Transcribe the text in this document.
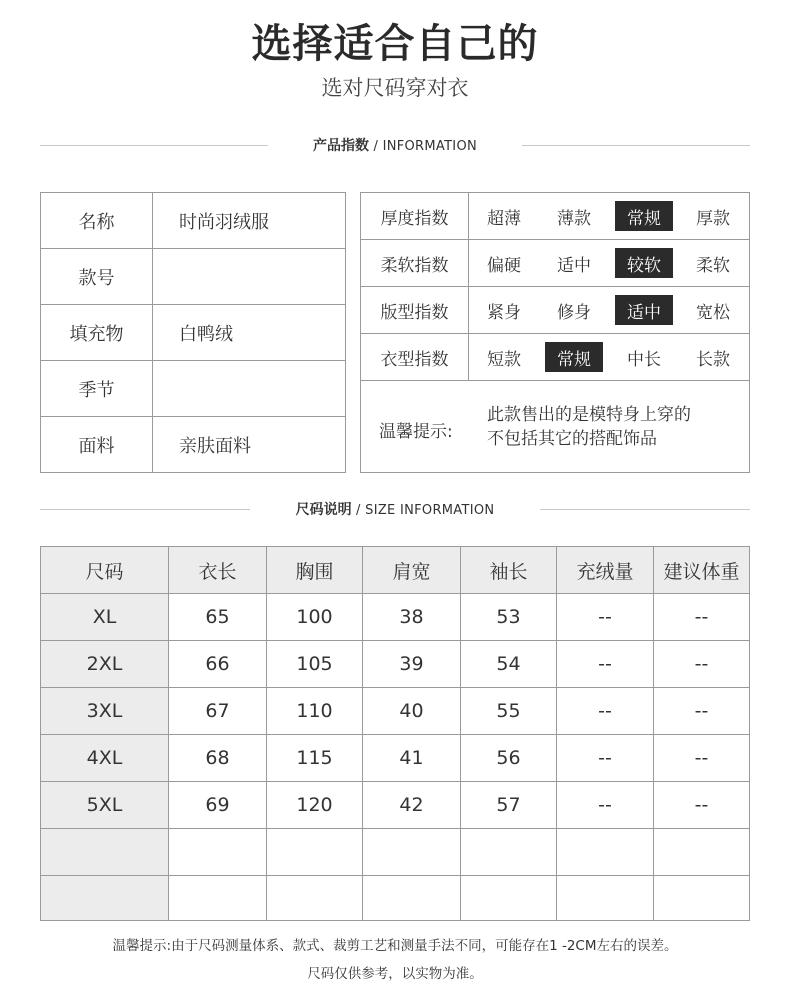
选择适合自己的
选对尺码穿对衣
产品指数 / INFORMATION
名称	时尚羽绒服
款号
填充物	白鸭绒
季节
面料	亲肤面料
厚度指数	超薄	薄款	常规	厚款
柔软指数	偏硬	适中	较软	柔软
版型指数	紧身	修身	适中	宽松
衣型指数	短款	常规	中长	长款
温馨提示:
此款售出的是模特身上穿的
不包括其它的搭配饰品
尺码说明 / SIZE INFORMATION
尺码	衣长	胸围	肩宽	袖长	充绒量	建议体重
XL	65	100	38	53	--	--
2XL	66	105	39	54	--	--
3XL	67	110	40	55	--	--
4XL	68	115	41	56	--	--
5XL	69	120	42	57	--	--
温馨提示:由于尺码测量体系、款式、裁剪工艺和测量手法不同，可能存在1 -2CM左右的误差。
尺码仅供参考，以实物为准。
